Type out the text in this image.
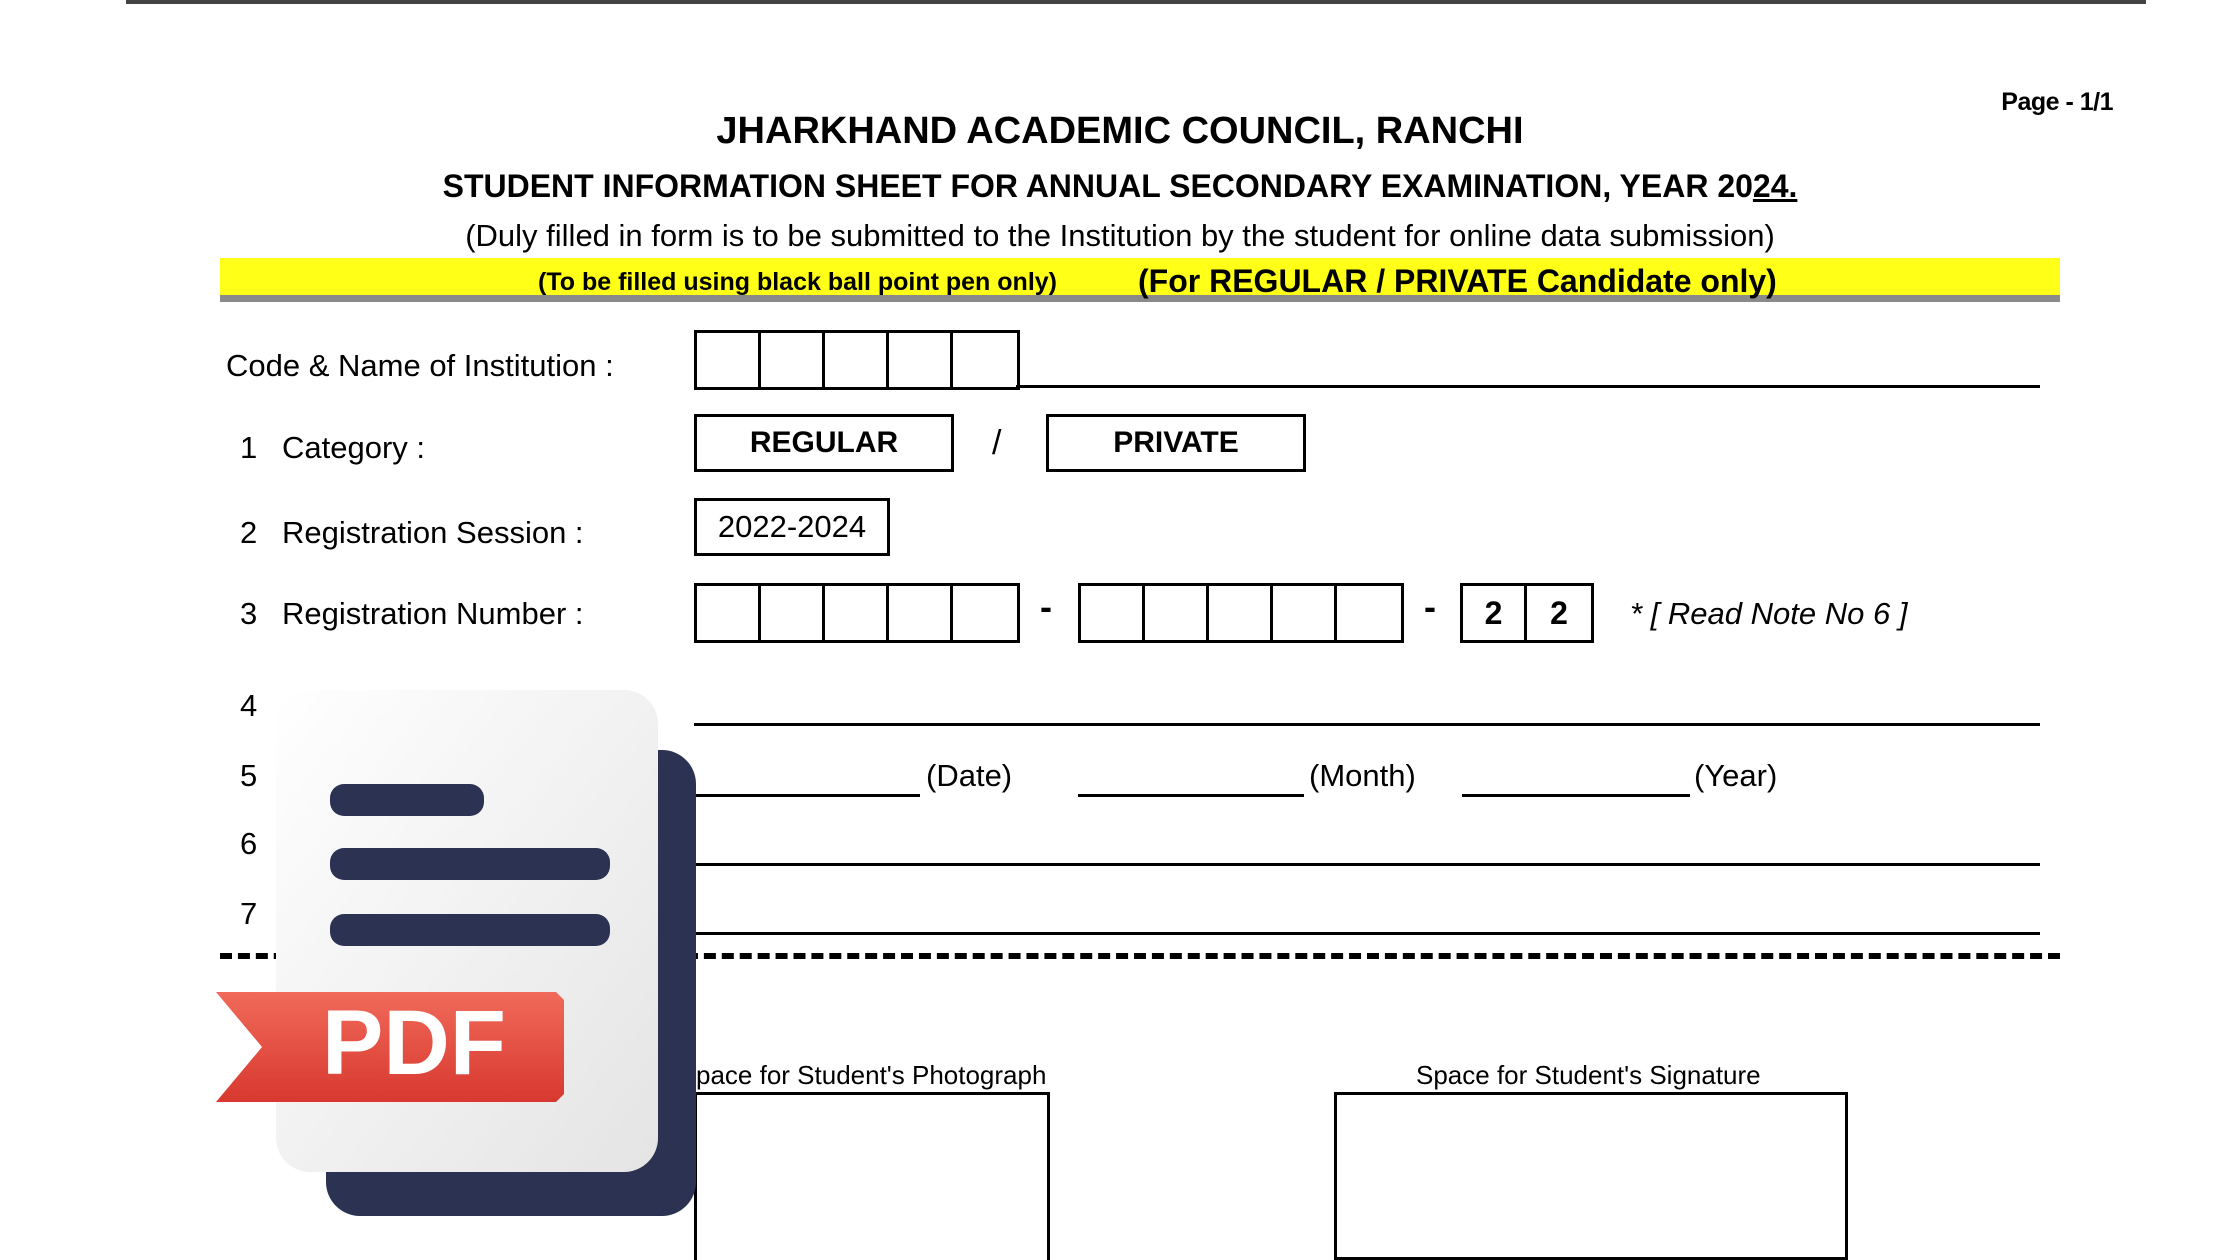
Page - 1/1
JHARKHAND ACADEMIC COUNCIL, RANCHI
STUDENT INFORMATION SHEET FOR ANNUAL SECONDARY EXAMINATION, YEAR 2024.
(Duly filled in form is to be submitted to the Institution by the student for online data submission)
(To be filled using black ball point pen only)	(For REGULAR / PRIVATE Candidate only)
Code & Name of Institution :
1 Category :	REGULAR	/	PRIVATE
2 Registration Session :	2022-2024
3 Registration Number :	-	-	2	2	* [ Read Note No 6 ]
4
5	(Date)	(Month)	(Year)
6
7
pace for Student's Photograph	Space for Student's Signature
PDF
